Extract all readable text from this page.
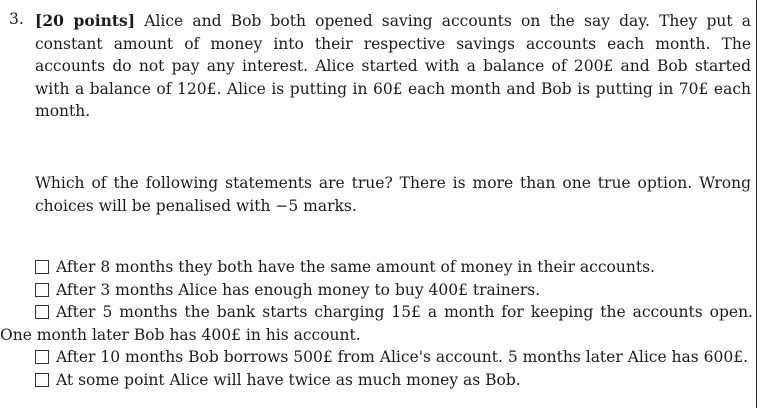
3. [20 points] Alice and Bob both opened saving accounts on the say day. They put a constant amount of money into their respective savings accounts each month. The accounts do not pay any interest. Alice started with a balance of 200£ and Bob started with a balance of 120£. Alice is putting in 60£ each month and Bob is putting in 70£ each month.
Which of the following statements are true? There is more than one true option. Wrong choices will be penalised with −5 marks.
After 8 months they both have the same amount of money in their accounts.
After 3 months Alice has enough money to buy 400£ trainers.
After 5 months the bank starts charging 15£ a month for keeping the accounts open.
One month later Bob has 400£ in his account.
After 10 months Bob borrows 500£ from Alice's account. 5 months later Alice has 600£.
At some point Alice will have twice as much money as Bob.
